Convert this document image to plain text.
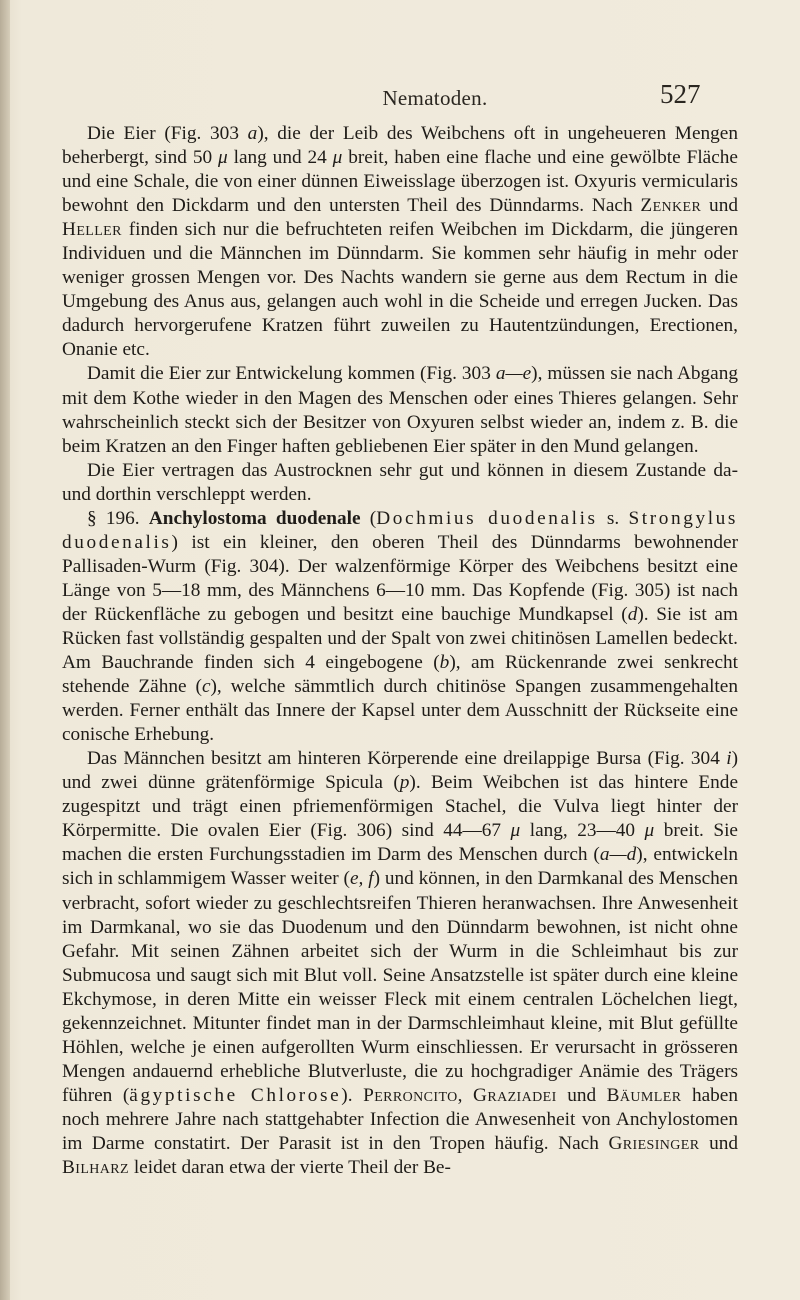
Nematoden.	527

Die Eier (Fig. 303 a), die der Leib des Weibchens oft in ungeheueren Mengen beherbergt, sind 50 μ lang und 24 μ breit, haben eine flache und eine gewölbte Fläche und eine Schale, die von einer dünnen Eiweisslage überzogen ist. Oxyuris vermicularis bewohnt den Dickdarm und den untersten Theil des Dünndarms. Nach Zenker und Heller finden sich nur die befruchteten reifen Weibchen im Dickdarm, die jüngeren Individuen und die Männchen im Dünndarm. Sie kommen sehr häufig in mehr oder weniger grossen Mengen vor. Des Nachts wandern sie gerne aus dem Rectum in die Umgebung des Anus aus, gelangen auch wohl in die Scheide und erregen Jucken. Das dadurch hervorgerufene Kratzen führt zuweilen zu Hautentzündungen, Erectionen, Onanie etc.

Damit die Eier zur Entwickelung kommen (Fig. 303 a—e), müssen sie nach Abgang mit dem Kothe wieder in den Magen des Menschen oder eines Thieres gelangen. Sehr wahrscheinlich steckt sich der Besitzer von Oxyuren selbst wieder an, indem z. B. die beim Kratzen an den Finger haften gebliebenen Eier später in den Mund gelangen.

Die Eier vertragen das Austrocknen sehr gut und können in diesem Zustande da- und dorthin verschleppt werden.

§ 196. Anchylostoma duodenale (Dochmius duodenalis s. Strongylus duodenalis) ist ein kleiner, den oberen Theil des Dünndarms bewohnender Pallisaden-Wurm (Fig. 304). Der walzenförmige Körper des Weibchens besitzt eine Länge von 5—18 mm, des Männchens 6—10 mm. Das Kopfende (Fig. 305) ist nach der Rückenfläche zu gebogen und besitzt eine bauchige Mundkapsel (d). Sie ist am Rücken fast vollständig gespalten und der Spalt von zwei chitinösen Lamellen bedeckt. Am Bauchrande finden sich 4 eingebogene (b), am Rückenrande zwei senkrecht stehende Zähne (c), welche sämmtlich durch chitinöse Spangen zusammengehalten werden. Ferner enthält das Innere der Kapsel unter dem Ausschnitt der Rückseite eine conische Erhebung.

Das Männchen besitzt am hinteren Körperende eine dreilappige Bursa (Fig. 304 i) und zwei dünne grätenförmige Spicula (p). Beim Weibchen ist das hintere Ende zugespitzt und trägt einen pfriemenförmigen Stachel, die Vulva liegt hinter der Körpermitte. Die ovalen Eier (Fig. 306) sind 44—67 μ lang, 23—40 μ breit. Sie machen die ersten Furchungsstadien im Darm des Menschen durch (a—d), entwickeln sich in schlammigem Wasser weiter (e, f) und können, in den Darmkanal des Menschen verbracht, sofort wieder zu geschlechtsreifen Thieren heranwachsen. Ihre Anwesenheit im Darmkanal, wo sie das Duodenum und den Dünndarm bewohnen, ist nicht ohne Gefahr. Mit seinen Zähnen arbeitet sich der Wurm in die Schleimhaut bis zur Submucosa und saugt sich mit Blut voll. Seine Ansatzstelle ist später durch eine kleine Ekchymose, in deren Mitte ein weisser Fleck mit einem centralen Löchelchen liegt, gekennzeichnet. Mitunter findet man in der Darmschleimhaut kleine, mit Blut gefüllte Höhlen, welche je einen aufgerollten Wurm einschliessen. Er verursacht in grösseren Mengen andauernd erhebliche Blutverluste, die zu hochgradiger Anämie des Trägers führen (ägyptische Chlorose). Perroncito, Graziadei und Bäumler haben noch mehrere Jahre nach stattgehabter Infection die Anwesenheit von Anchylostomen im Darme constatirt. Der Parasit ist in den Tropen häufig. Nach Griesinger und Bilharz leidet daran etwa der vierte Theil der Be-
